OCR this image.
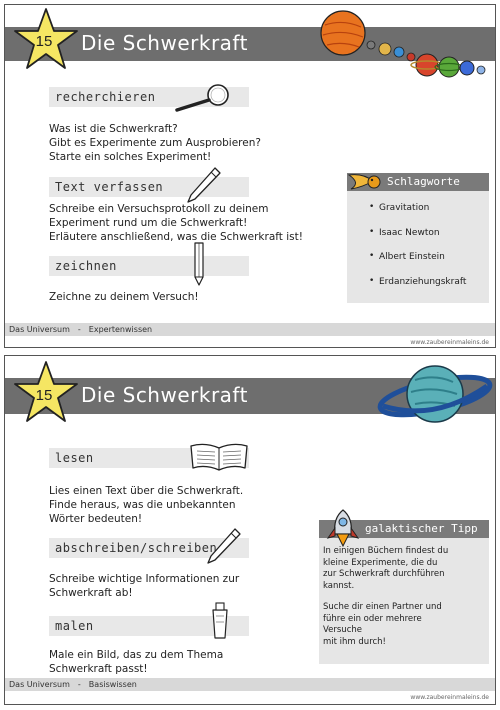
Die Schwerkraft
15
recherchieren
Was ist die Schwerkraft?
Gibt es Experimente zum Ausprobieren?
Starte ein solches Experiment!
Text verfassen
Schreibe ein Versuchsprotokoll zu deinem
Experiment rund um die Schwerkraft!
Erläutere anschließend, was die Schwerkraft ist!
zeichnen
Zeichne zu deinem Versuch!
Schlagworte
• Gravitation
• Isaac Newton
• Albert Einstein
• Erdanziehungskraft
Das Universum - Expertenwissen
www.zaubereinmaleins.de
Die Schwerkraft
15
lesen
Lies einen Text über die Schwerkraft.
Finde heraus, was die unbekannten
Wörter bedeuten!
abschreiben/schreiben
Schreibe wichtige Informationen zur
Schwerkraft ab!
malen
Male ein Bild, das zu dem Thema
Schwerkraft passt!
galaktischer Tipp

In einigen Büchern findest du
kleine Experimente, die du
zur Schwerkraft durchführen kannst.

Suche dir einen Partner und
führe ein oder mehrere Versuche
mit ihm durch!

Das Universum - Basiswissen
www.zaubereinmaleins.de
